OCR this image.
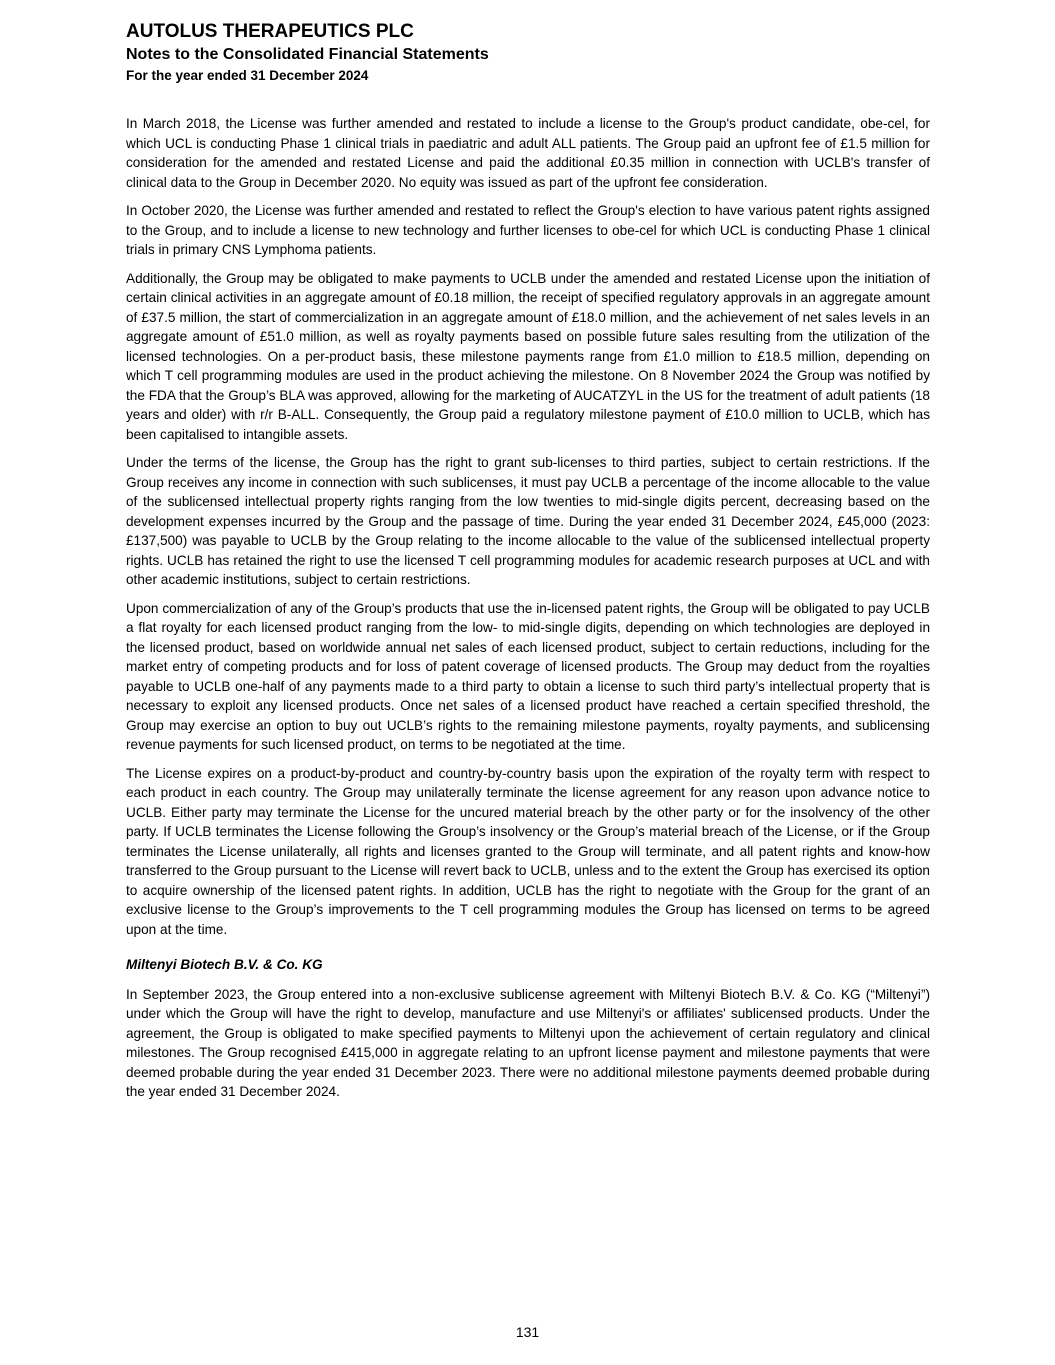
AUTOLUS THERAPEUTICS PLC

Notes to the Consolidated Financial Statements

For the year ended 31 December 2024

In March 2018, the License was further amended and restated to include a license to the Group's product candidate, obe-cel, for which UCL is conducting Phase 1 clinical trials in paediatric and adult ALL patients. The Group paid an upfront fee of £1.5 million for consideration for the amended and restated License and paid the additional £0.35 million in connection with UCLB's transfer of clinical data to the Group in December 2020. No equity was issued as part of the upfront fee consideration.

In October 2020, the License was further amended and restated to reflect the Group's election to have various patent rights assigned to the Group, and to include a license to new technology and further licenses to obe-cel for which UCL is conducting Phase 1 clinical trials in primary CNS Lymphoma patients.

Additionally, the Group may be obligated to make payments to UCLB under the amended and restated License upon the initiation of certain clinical activities in an aggregate amount of £0.18 million, the receipt of specified regulatory approvals in an aggregate amount of £37.5 million, the start of commercialization in an aggregate amount of £18.0 million, and the achievement of net sales levels in an aggregate amount of £51.0 million, as well as royalty payments based on possible future sales resulting from the utilization of the licensed technologies. On a per-product basis, these milestone payments range from £1.0 million to £18.5 million, depending on which T cell programming modules are used in the product achieving the milestone. On 8 November 2024 the Group was notified by the FDA that the Group’s BLA was approved, allowing for the marketing of AUCATZYL in the US for the treatment of adult patients (18 years and older) with r/r B-ALL. Consequently, the Group paid a regulatory milestone payment of £10.0 million to UCLB, which has been capitalised to intangible assets.

Under the terms of the license, the Group has the right to grant sub-licenses to third parties, subject to certain restrictions. If the Group receives any income in connection with such sublicenses, it must pay UCLB a percentage of the income allocable to the value of the sublicensed intellectual property rights ranging from the low twenties to mid-single digits percent, decreasing based on the development expenses incurred by the Group and the passage of time. During the year ended 31 December 2024, £45,000 (2023: £137,500) was payable to UCLB by the Group relating to the income allocable to the value of the sublicensed intellectual property rights. UCLB has retained the right to use the licensed T cell programming modules for academic research purposes at UCL and with other academic institutions, subject to certain restrictions.

Upon commercialization of any of the Group’s products that use the in-licensed patent rights, the Group will be obligated to pay UCLB a flat royalty for each licensed product ranging from the low- to mid-single digits, depending on which technologies are deployed in the licensed product, based on worldwide annual net sales of each licensed product, subject to certain reductions, including for the market entry of competing products and for loss of patent coverage of licensed products. The Group may deduct from the royalties payable to UCLB one-half of any payments made to a third party to obtain a license to such third party’s intellectual property that is necessary to exploit any licensed products. Once net sales of a licensed product have reached a certain specified threshold, the Group may exercise an option to buy out UCLB’s rights to the remaining milestone payments, royalty payments, and sublicensing revenue payments for such licensed product, on terms to be negotiated at the time.

The License expires on a product-by-product and country-by-country basis upon the expiration of the royalty term with respect to each product in each country. The Group may unilaterally terminate the license agreement for any reason upon advance notice to UCLB. Either party may terminate the License for the uncured material breach by the other party or for the insolvency of the other party. If UCLB terminates the License following the Group’s insolvency or the Group’s material breach of the License, or if the Group terminates the License unilaterally, all rights and licenses granted to the Group will terminate, and all patent rights and know-how transferred to the Group pursuant to the License will revert back to UCLB, unless and to the extent the Group has exercised its option to acquire ownership of the licensed patent rights. In addition, UCLB has the right to negotiate with the Group for the grant of an exclusive license to the Group’s improvements to the T cell programming modules the Group has licensed on terms to be agreed upon at the time.

Miltenyi Biotech B.V. & Co. KG

In September 2023, the Group entered into a non-exclusive sublicense agreement with Miltenyi Biotech B.V. & Co. KG (“Miltenyi”) under which the Group will have the right to develop, manufacture and use Miltenyi's or affiliates' sublicensed products. Under the agreement, the Group is obligated to make specified payments to Miltenyi upon the achievement of certain regulatory and clinical milestones. The Group recognised £415,000 in aggregate relating to an upfront license payment and milestone payments that were deemed probable during the year ended 31 December 2023. There were no additional milestone payments deemed probable during the year ended 31 December 2024.

131
